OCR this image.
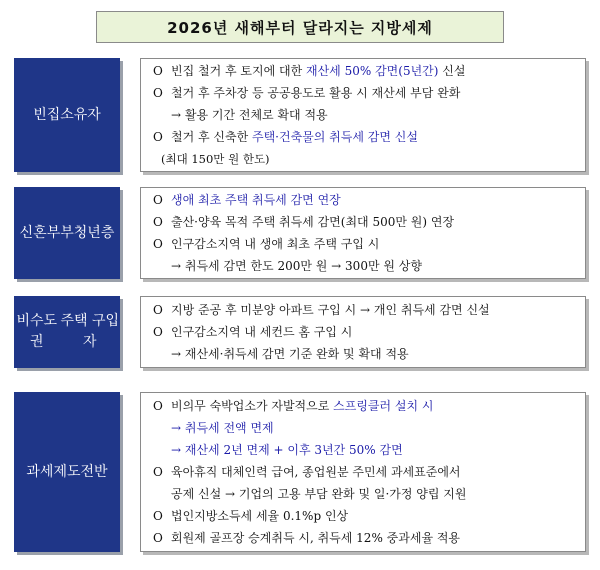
2026년 새해부터 달라지는 지방세제
빈집소유자
O 빈집 철거 후 토지에 대한 재산세 50% 감면(5년간) 신설
O 철거 후 주차장 등 공공용도로 활용 시 재산세 부담 완화
→ 활용 기간 전체로 확대 적용
O 철거 후 신축한 주택·건축물의 취득세 감면 신설
(최대 150만 원 한도)
신혼부부 청년층
O 생애 최초 주택 취득세 감면 연장
O 출산·양육 목적 주택 취득세 감면(최대 500만 원) 연장
O 인구감소지역 내 생애 최초 주택 구입 시
→ 취득세 감면 한도 200만 원 → 300만 원 상향
비수도권

주택 구입자
O 지방 준공 후 미분양 아파트 구입 시 → 개인 취득세 감면 신설
O 인구감소지역 내 세컨드 홈 구입 시
→ 재산세·취득세 감면 기준 완화 및 확대 적용
과세제도 전반
O 비의무 숙박업소가 자발적으로 스프링클러 설치 시
→ 취득세 전액 면제
→ 재산세 2년 면제 + 이후 3년간 50% 감면
O 육아휴직 대체인력 급여, 종업원분 주민세 과세표준에서
공제 신설 → 기업의 고용 부담 완화 및 일·가정 양립 지원
O 법인지방소득세 세율 0.1%p 인상
O 회원제 골프장 승계취득 시, 취득세 12% 중과세율 적용
